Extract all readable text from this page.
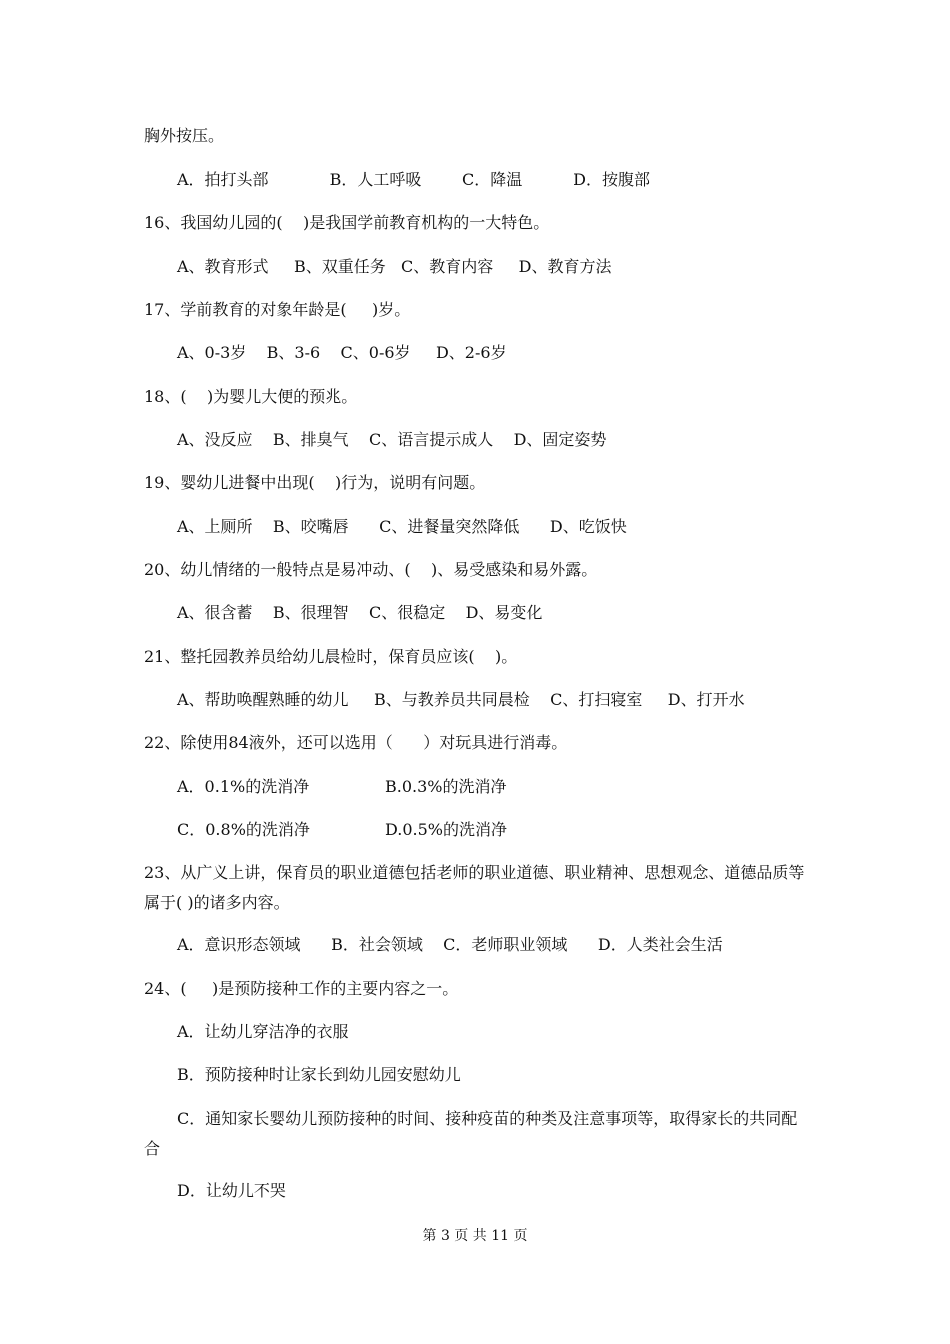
胸外按压。
A．拍打头部            B．人工呼吸        C．降温          D．按腹部
16、我国幼儿园的(    )是我国学前教育机构的一大特色。
A、教育形式     B、双重任务   C、教育内容     D、教育方法
17、学前教育的对象年龄是(     )岁。
A、0-3岁    B、3-6    C、0-6岁     D、2-6岁
18、(    )为婴儿大便的预兆。
A、没反应    B、排臭气    C、语言提示成人    D、固定姿势
19、婴幼儿进餐中出现(    )行为，说明有问题。
A、上厕所    B、咬嘴唇      C、进餐量突然降低      D、吃饭快
20、幼儿情绪的一般特点是易冲动、(    )、易受感染和易外露。
A、很含蓄    B、很理智    C、很稳定    D、易变化
21、整托园教养员给幼儿晨检时，保育员应该(    )。
A、帮助唤醒熟睡的幼儿     B、与教养员共同晨检    C、打扫寝室     D、打开水
22、除使用84液外，还可以选用（      ）对玩具进行消毒。
A．0.1%的洗消净	B.0.3%的洗消净
C．0.8%的洗消净	D.0.5%的洗消净
23、从广义上讲，保育员的职业道德包括老师的职业道德、职业精神、思想观念、道德品质等属于( )的诸多内容。
A．意识形态领域      B．社会领域    C．老师职业领域      D．人类社会生活
24、(     )是预防接种工作的主要内容之一。
A．让幼儿穿洁净的衣服
B．预防接种时让家长到幼儿园安慰幼儿
C．通知家长婴幼儿预防接种的时间、接种疫苗的种类及注意事项等，取得家长的共同配合
D．让幼儿不哭
第 3 页 共 11 页
